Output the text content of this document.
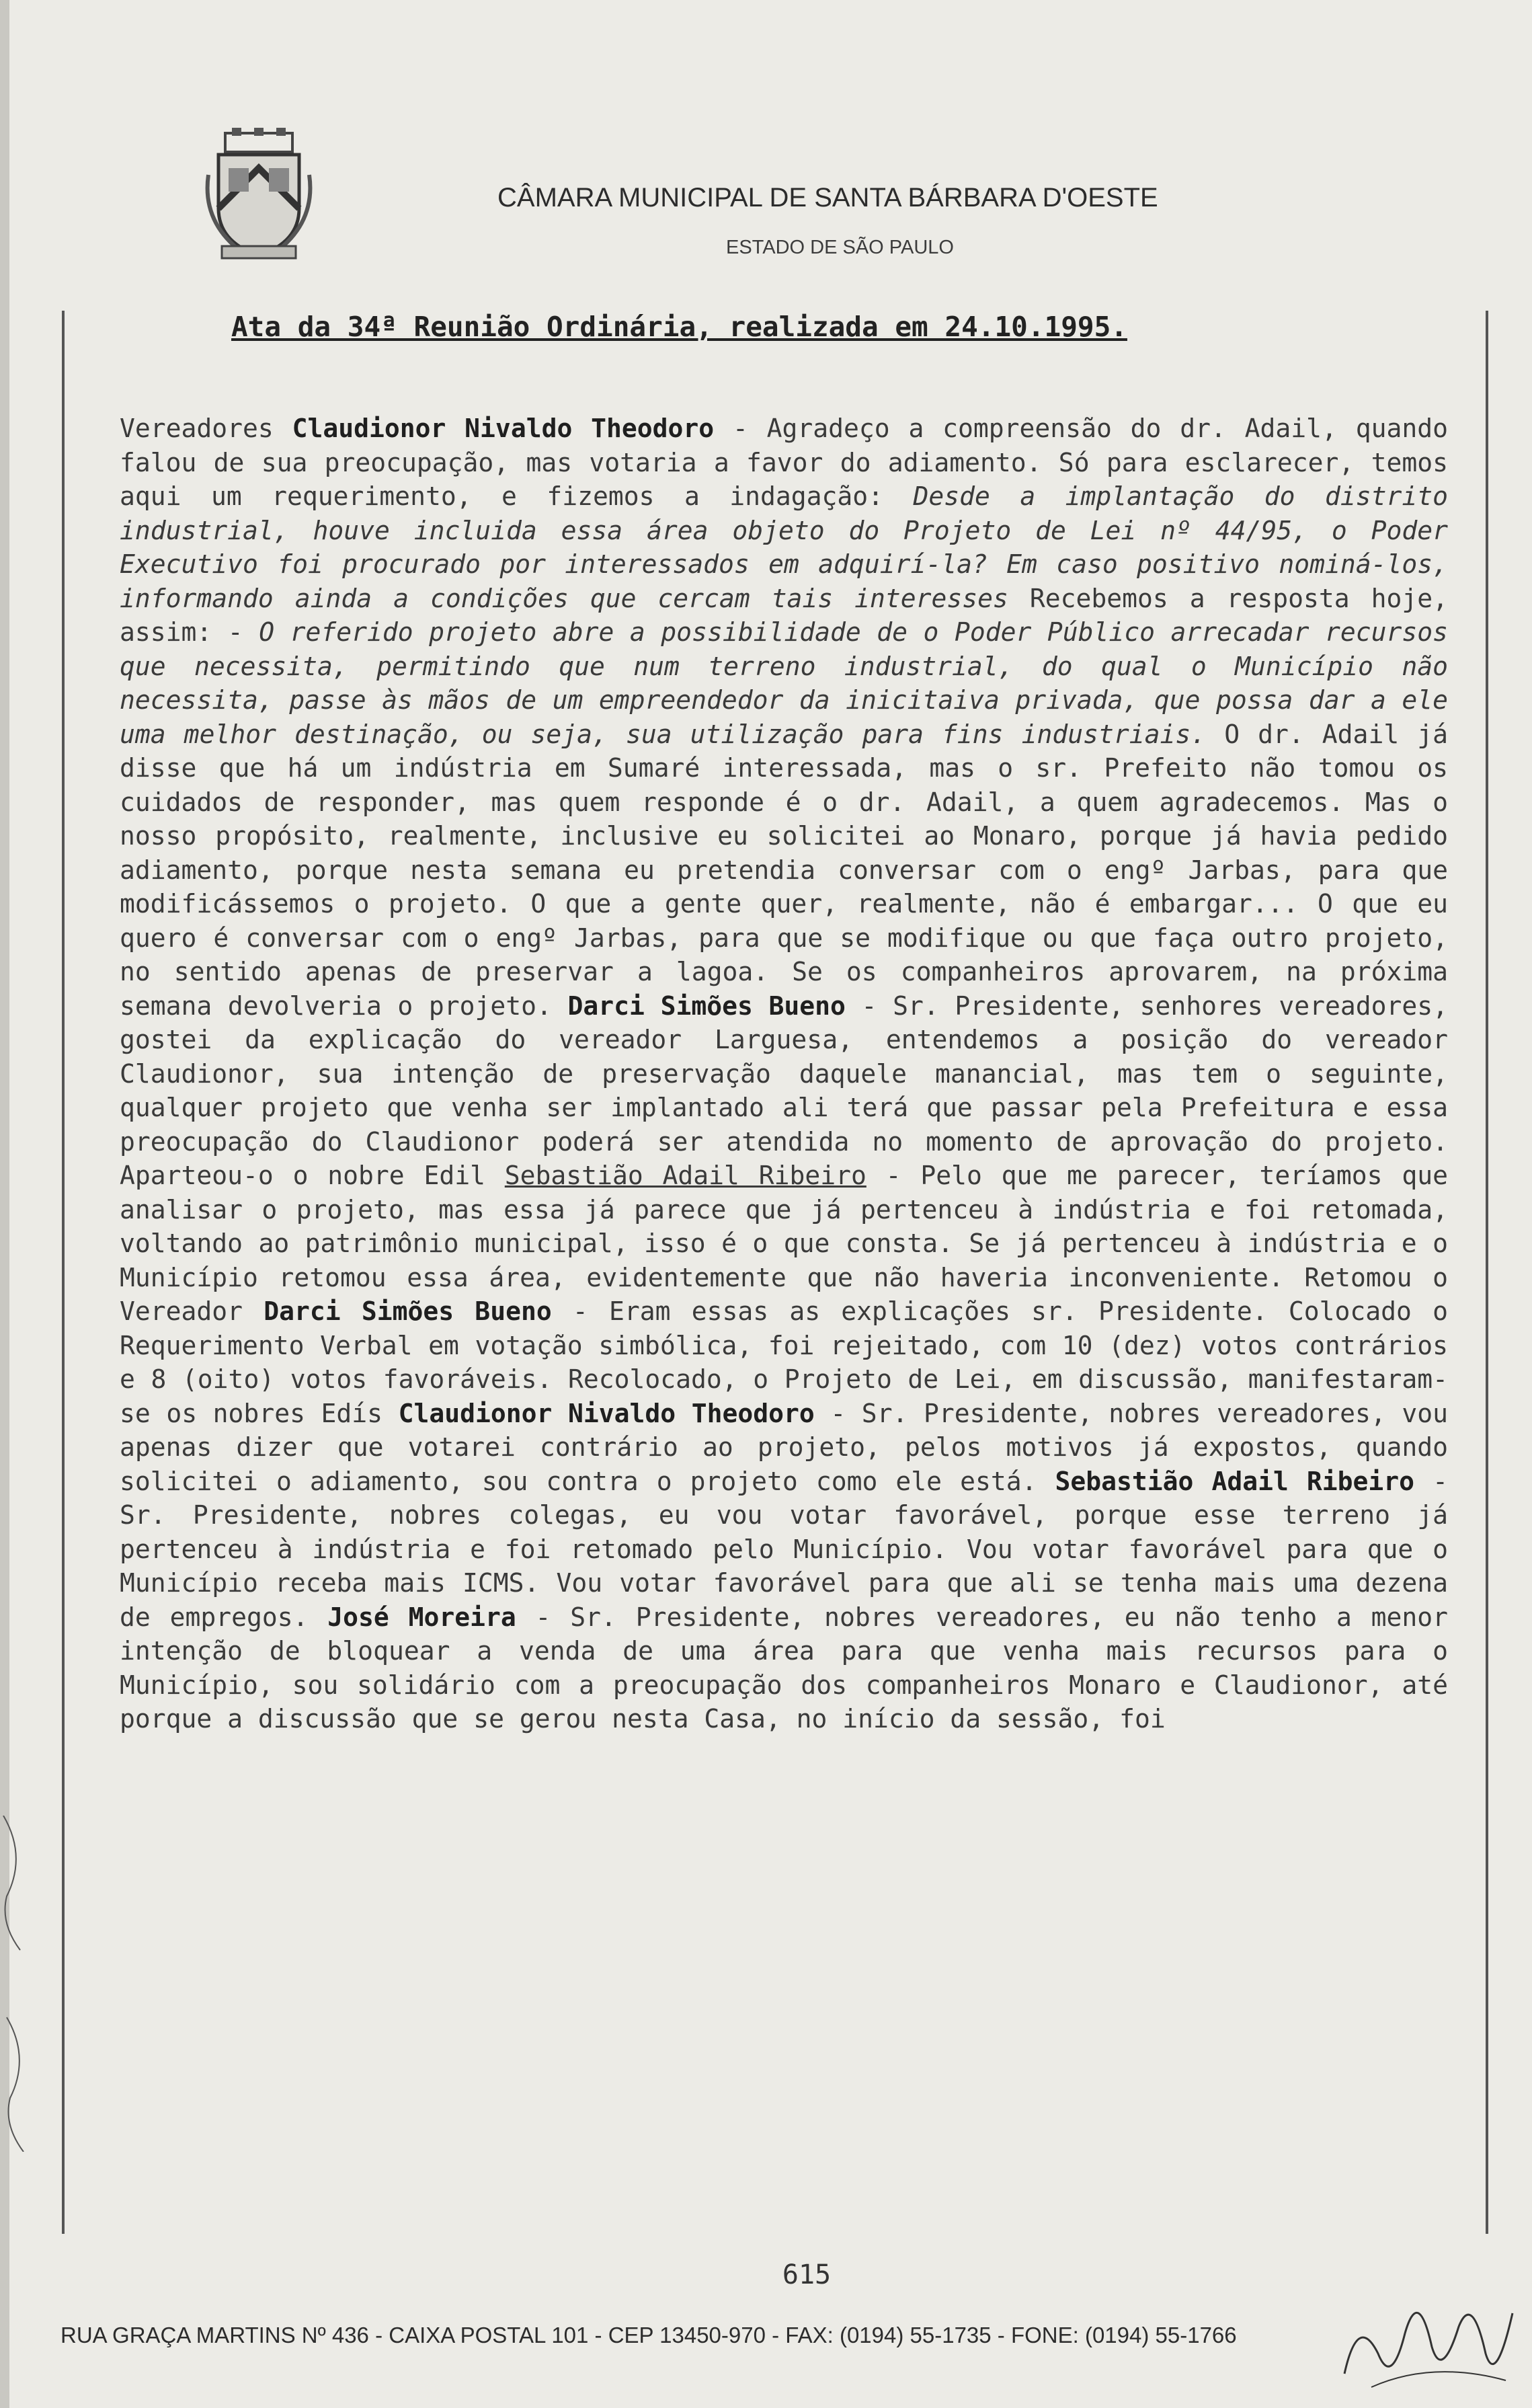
CÂMARA MUNICIPAL DE SANTA BÁRBARA D'OESTE
ESTADO DE SÃO PAULO
Ata da 34ª Reunião Ordinária, realizada em 24.10.1995.
Vereadores Claudionor Nivaldo Theodoro - Agradeço a compreensão do dr. Adail, quando falou de sua preocupação, mas votaria a favor do adiamento. Só para esclarecer, temos aqui um requerimento, e fizemos a indagação: Desde a implantação do distrito industrial, houve incluida essa área objeto do Projeto de Lei nº 44/95, o Poder Executivo foi procurado por interessados em adquirí-la? Em caso positivo nominá-los, informando ainda a condições que cercam tais interesses Recebemos a resposta hoje, assim: - O referido projeto abre a possibilidade de o Poder Público arrecadar recursos que necessita, permitindo que num terreno industrial, do qual o Município não necessita, passe às mãos de um empreendedor da inicitaiva privada, que possa dar a ele uma melhor destinação, ou seja, sua utilização para fins industriais. O dr. Adail já disse que há um indústria em Sumaré interessada, mas o sr. Prefeito não tomou os cuidados de responder, mas quem responde é o dr. Adail, a quem agradecemos. Mas o nosso propósito, realmente, inclusive eu solicitei ao Monaro, porque já havia pedido adiamento, porque nesta semana eu pretendia conversar com o engº Jarbas, para que modificássemos o projeto. O que a gente quer, realmente, não é embargar... O que eu quero é conversar com o engº Jarbas, para que se modifique ou que faça outro projeto, no sentido apenas de preservar a lagoa. Se os companheiros aprovarem, na próxima semana devolveria o projeto. Darci Simões Bueno - Sr. Presidente, senhores vereadores, gostei da explicação do vereador Larguesa, entendemos a posição do vereador Claudionor, sua intenção de preservação daquele manancial, mas tem o seguinte, qualquer projeto que venha ser implantado ali terá que passar pela Prefeitura e essa preocupação do Claudionor poderá ser atendida no momento de aprovação do projeto. Aparteou-o o nobre Edil Sebastião Adail Ribeiro - Pelo que me parecer, teríamos que analisar o projeto, mas essa já parece que já pertenceu à indústria e foi retomada, voltando ao patrimônio municipal, isso é o que consta. Se já pertenceu à indústria e o Município retomou essa área, evidentemente que não haveria inconveniente. Retomou o Vereador Darci Simões Bueno - Eram essas as explicações sr. Presidente. Colocado o Requerimento Verbal em votação simbólica, foi rejeitado, com 10 (dez) votos contrários e 8 (oito) votos favoráveis. Recolocado, o Projeto de Lei, em discussão, manifestaram-se os nobres Edís Claudionor Nivaldo Theodoro - Sr. Presidente, nobres vereadores, vou apenas dizer que votarei contrário ao projeto, pelos motivos já expostos, quando solicitei o adiamento, sou contra o projeto como ele está. Sebastião Adail Ribeiro - Sr. Presidente, nobres colegas, eu vou votar favorável, porque esse terreno já pertenceu à indústria e foi retomado pelo Município. Vou votar favorável para que o Município receba mais ICMS. Vou votar favorável para que ali se tenha mais uma dezena de empregos. José Moreira - Sr. Presidente, nobres vereadores, eu não tenho a menor intenção de bloquear a venda de uma área para que venha mais recursos para o Município, sou solidário com a preocupação dos companheiros Monaro e Claudionor, até porque a discussão que se gerou nesta Casa, no início da sessão, foi
615
RUA GRAÇA MARTINS Nº 436 - CAIXA POSTAL 101 - CEP 13450-970 - FAX: (0194) 55-1735 - FONE: (0194) 55-1766
